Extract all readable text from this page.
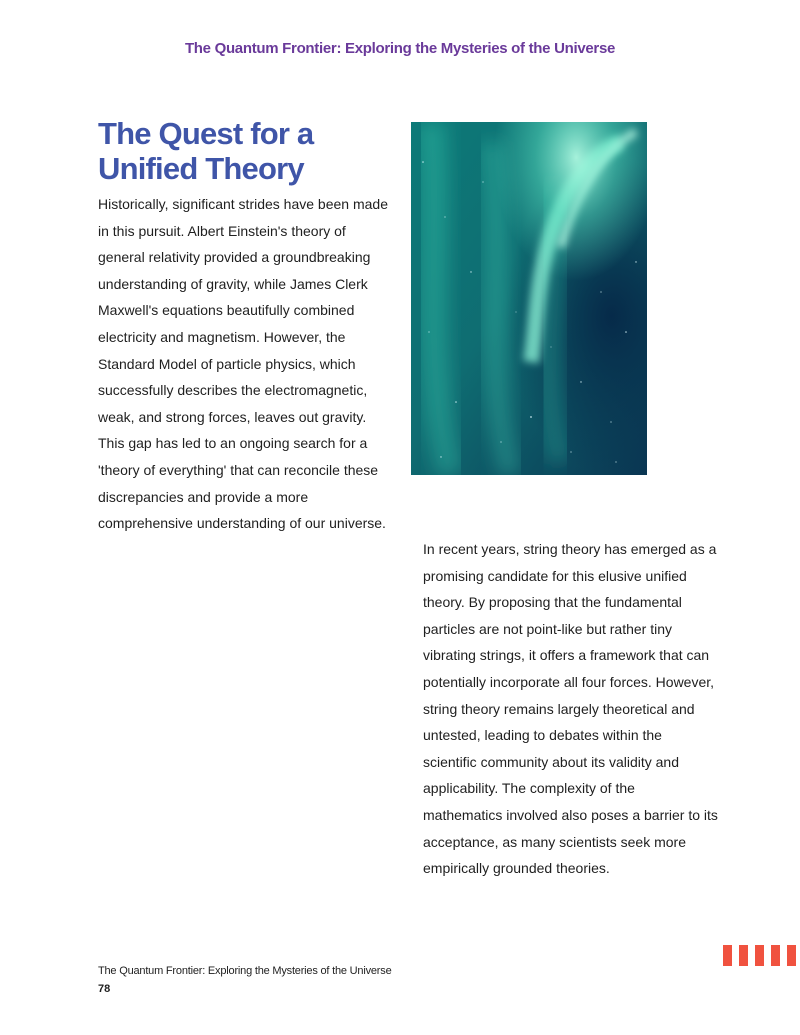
The Quantum Frontier: Exploring the Mysteries of the Universe
The Quest for a Unified Theory

Historically, significant strides have been made in this pursuit. Albert Einstein's theory of general relativity provided a groundbreaking understanding of gravity, while James Clerk Maxwell's equations beautifully combined electricity and magnetism. However, the Standard Model of particle physics, which successfully describes the electromagnetic, weak, and strong forces, leaves out gravity. This gap has led to an ongoing search for a 'theory of everything' that can reconcile these discrepancies and provide a more comprehensive understanding of our universe.

In recent years, string theory has emerged as a promising candidate for this elusive unified theory. By proposing that the fundamental particles are not point-like but rather tiny vibrating strings, it offers a framework that can potentially incorporate all four forces. However, string theory remains largely theoretical and untested, leading to debates within the scientific community about its validity and applicability. The complexity of the mathematics involved also poses a barrier to its acceptance, as many scientists seek more empirically grounded theories.

The Quantum Frontier: Exploring the Mysteries of the Universe
78
